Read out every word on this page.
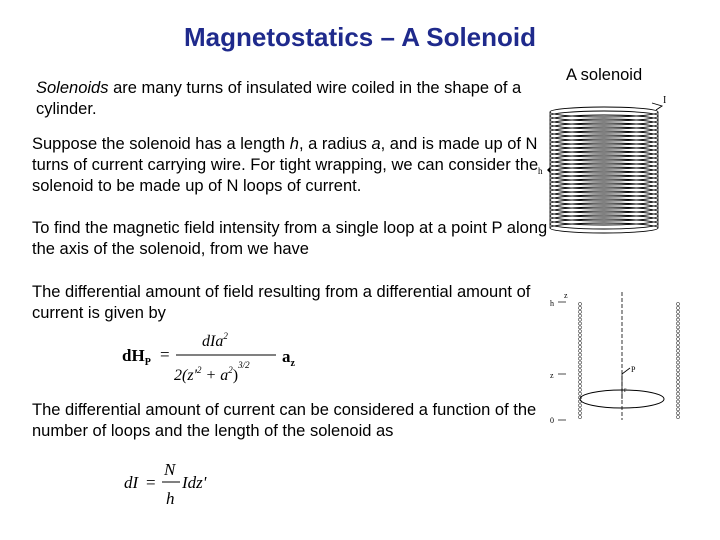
Magnetostatics – A Solenoid
Solenoids are many turns of insulated wire coiled in the shape of a cylinder.
Suppose the solenoid has a length h, a radius a, and is made up of N turns of current carrying wire. For tight wrapping, we can consider the solenoid to be made up of N loops of current.
To find the magnetic field intensity from a single loop at a point P along the axis of the solenoid, from we have
The differential amount of field resulting from a differential amount of current is given by
$dH_P$ =
dIa$^2$
$2(z'^2 + a^2)^{3/2}$ $a_z$
The differential amount of current can be considered a function of the number of loops and the length of the solenoid as
dI =
N
h
Idz'
A solenoid
I
h
z
h
z
P
r
0
